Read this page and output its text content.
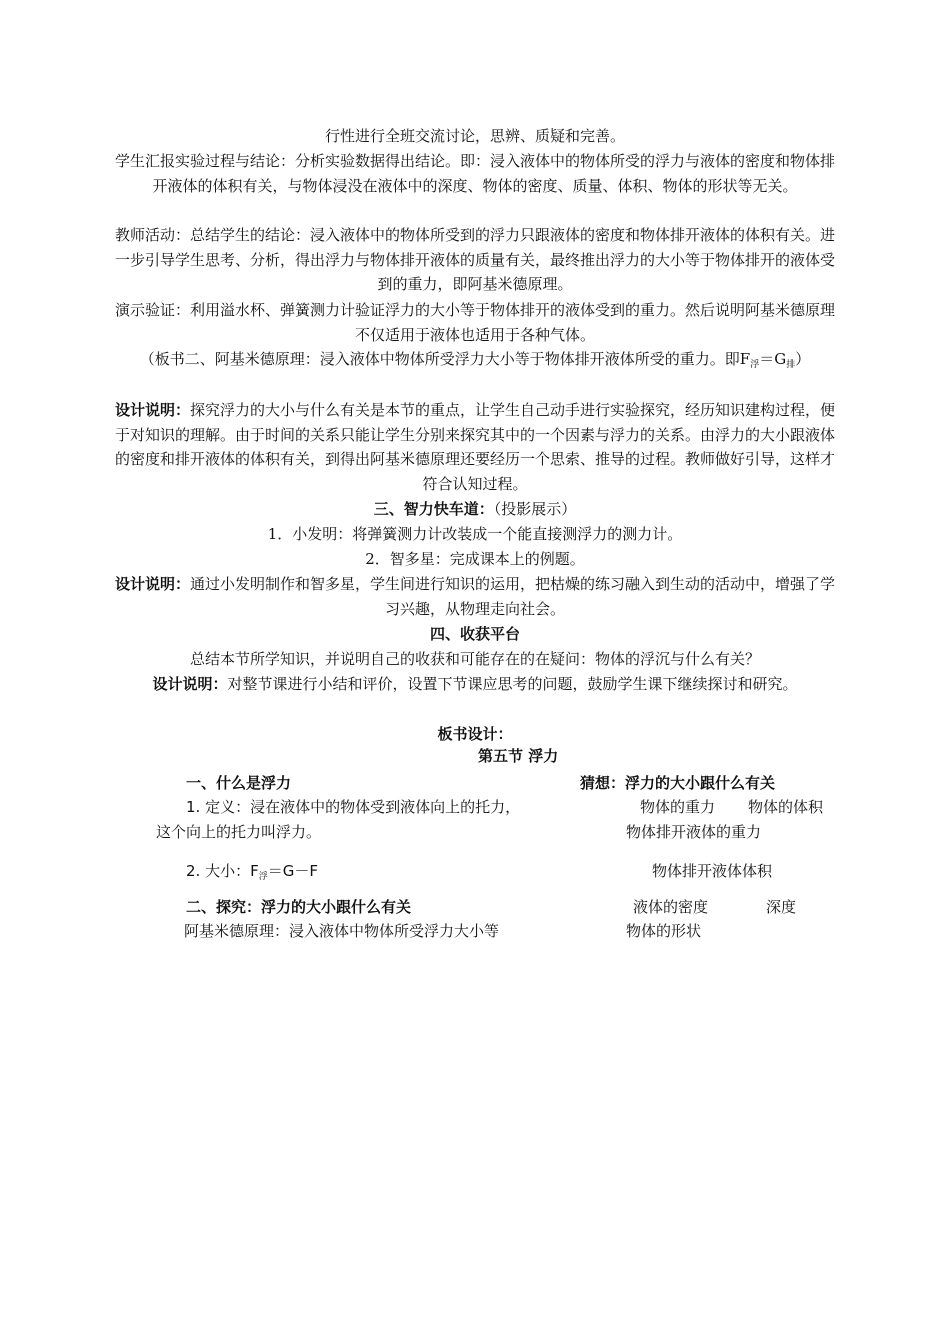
行性进行全班交流讨论，思辨、质疑和完善。
学生汇报实验过程与结论：分析实验数据得出结论。即：浸入液体中的物体所受的浮力与液体的密度和物体排开液体的体积有关，与物体浸没在液体中的深度、物体的密度、质量、体积、物体的形状等无关。
教师活动：总结学生的结论：浸入液体中的物体所受到的浮力只跟液体的密度和物体排开液体的体积有关。进一步引导学生思考、分析，得出浮力与物体排开液体的质量有关，最终推出浮力的大小等于物体排开的液体受到的重力，即阿基米德原理。
演示验证：利用溢水杯、弹簧测力计验证浮力的大小等于物体排开的液体受到的重力。然后说明阿基米德原理不仅适用于液体也适用于各种气体。
（板书二、阿基米德原理：浸入液体中物体所受浮力大小等于物体排开液体所受的重力。即$F_浮=G_排$）
设计说明：探究浮力的大小与什么有关是本节的重点，让学生自己动手进行实验探究，经历知识建构过程，便于对知识的理解。由于时间的关系只能让学生分别来探究其中的一个因素与浮力的关系。由浮力的大小跟液体的密度和排开液体的体积有关，到得出阿基米德原理还要经历一个思索、推导的过程。教师做好引导，这样才符合认知过程。
三、智力快车道：（投影展示）
1．小发明：将弹簧测力计改装成一个能直接测浮力的测力计。
2．智多星：完成课本上的例题。
设计说明：通过小发明制作和智多星，学生间进行知识的运用，把枯燥的练习融入到生动的活动中，增强了学习兴趣，从物理走向社会。
四、收获平台
总结本节所学知识，并说明自己的收获和可能存在的在疑问：物体的浮沉与什么有关？
设计说明：对整节课进行小结和评价，设置下节课应思考的问题，鼓励学生课下继续探讨和研究。
板书设计：
第五节 浮力
一、什么是浮力	猜想：浮力的大小跟什么有关
1. 定义：浸在液体中的物体受到液体向上的托力，	物体的重力 物体的体积
这个向上的托力叫浮力。	物体排开液体的重力
2. 大小：$F_浮=G-F$	物体排开液体体积
二、探究：浮力的大小跟什么有关	液体的密度	深度
阿基米德原理：浸入液体中物体所受浮力大小等	物体的形状
